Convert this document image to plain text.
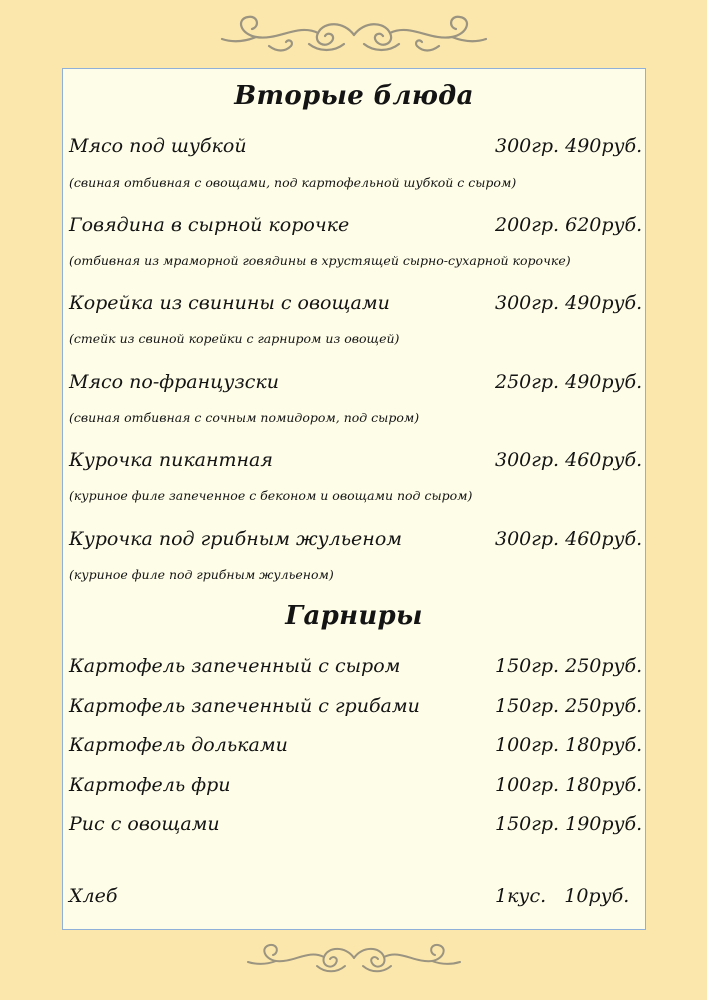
Вторые блюда
Мясо под шубкой	300гр. 490руб.
(свиная отбивная с овощами, под картофельной шубкой с сыром)
Говядина в сырной корочке	200гр. 620руб.
(отбивная из мраморной говядины в хрустящей сырно-сухарной корочке)
Корейка из свинины с овощами	300гр. 490руб.
(стейк из свиной корейки с гарниром из овощей)
Мясо по-французски	250гр. 490руб.
(свиная отбивная с сочным помидором, под сыром)
Курочка пикантная	300гр. 460руб.
(куриное филе запеченное с беконом и овощами под сыром)
Курочка под грибным жульеном	300гр. 460руб.
(куриное филе под грибным жульеном)
Гарниры
Картофель запеченный с сыром	150гр. 250руб.
Картофель запеченный с грибами	150гр. 250руб.
Картофель дольками	100гр. 180руб.
Картофель фри	100гр. 180руб.
Рис с овощами	150гр. 190руб.
Хлеб	1кус.   10руб.
